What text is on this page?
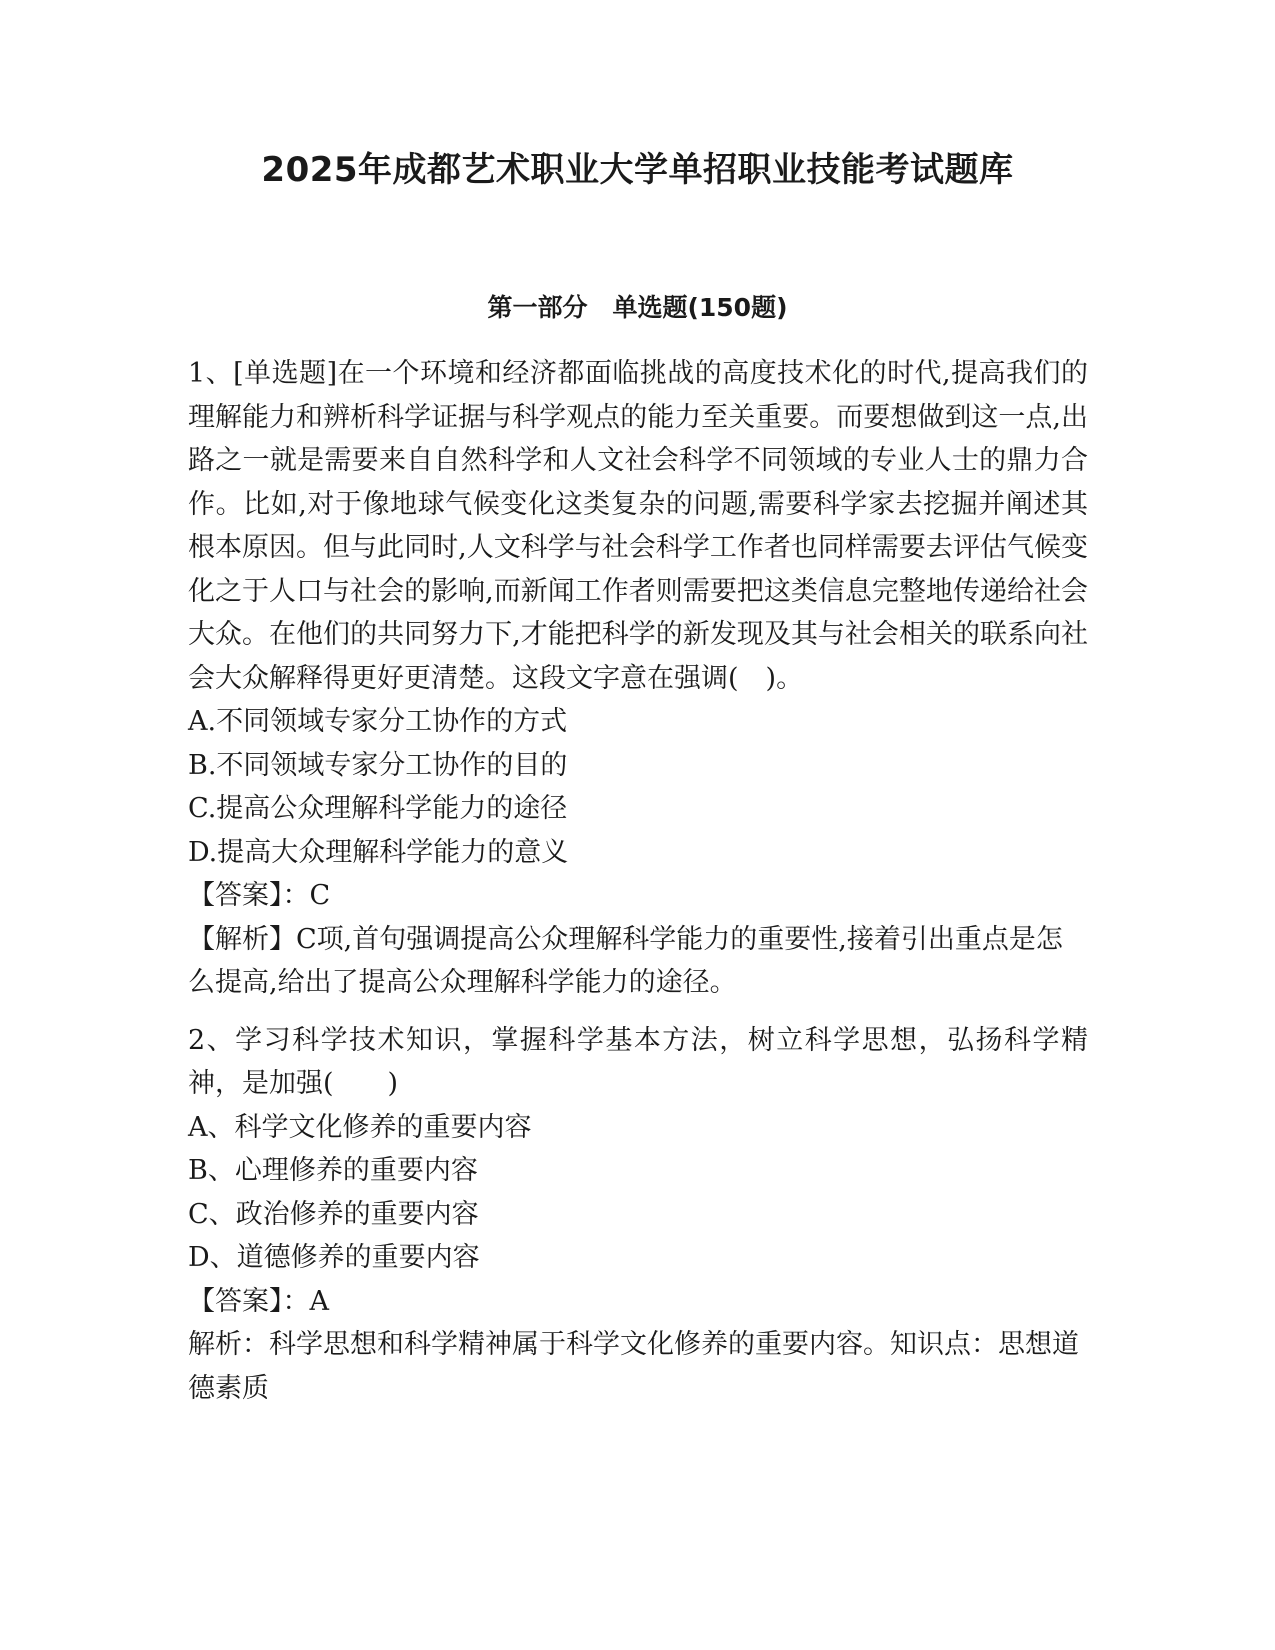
2025年成都艺术职业大学单招职业技能考试题库
第一部分　单选题(150题)

1、[单选题]在一个环境和经济都面临挑战的高度技术化的时代,提高我们的理解能力和辨析科学证据与科学观点的能力至关重要。而要想做到这一点,出路之一就是需要来自自然科学和人文社会科学不同领域的专业人士的鼎力合作。比如,对于像地球气候变化这类复杂的问题,需要科学家去挖掘并阐述其根本原因。但与此同时,人文科学与社会科学工作者也同样需要去评估气候变化之于人口与社会的影响,而新闻工作者则需要把这类信息完整地传递给社会大众。在他们的共同努力下,才能把科学的新发现及其与社会相关的联系向社会大众解释得更好更清楚。这段文字意在强调(　)。

A.不同领域专家分工协作的方式

B.不同领域专家分工协作的目的

C.提高公众理解科学能力的途径

D.提高大众理解科学能力的意义

【答案】：C

【解析】C项,首句强调提高公众理解科学能力的重要性,接着引出重点是怎么提高,给出了提高公众理解科学能力的途径。

2、学习科学技术知识，掌握科学基本方法，树立科学思想，弘扬科学精神，是加强(　　)

A、科学文化修养的重要内容

B、心理修养的重要内容

C、政治修养的重要内容

D、道德修养的重要内容

【答案】：A

解析：科学思想和科学精神属于科学文化修养的重要内容。知识点：思想道德素质
